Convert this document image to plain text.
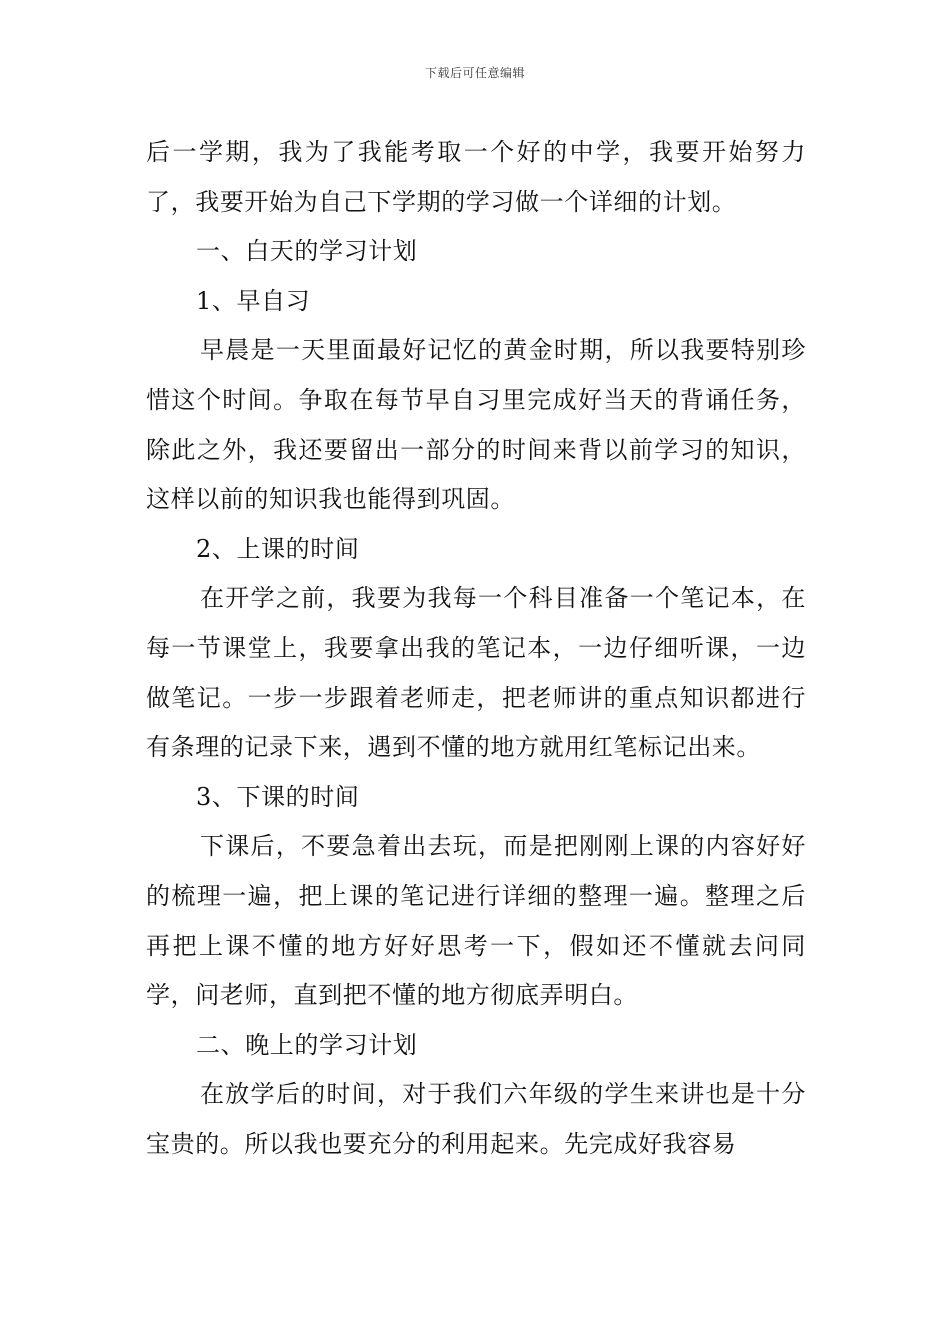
下载后可任意编辑

后一学期，我为了我能考取一个好的中学，我要开始努力了，我要开始为自己下学期的学习做一个详细的计划。

一、白天的学习计划

1、早自习

早晨是一天里面最好记忆的黄金时期，所以我要特别珍惜这个时间。争取在每节早自习里完成好当天的背诵任务，除此之外，我还要留出一部分的时间来背以前学习的知识，这样以前的知识我也能得到巩固。

2、上课的时间

在开学之前，我要为我每一个科目准备一个笔记本，在每一节课堂上，我要拿出我的笔记本，一边仔细听课，一边做笔记。一步一步跟着老师走，把老师讲的重点知识都进行有条理的记录下来，遇到不懂的地方就用红笔标记出来。

3、下课的时间

下课后，不要急着出去玩，而是把刚刚上课的内容好好的梳理一遍，把上课的笔记进行详细的整理一遍。整理之后再把上课不懂的地方好好思考一下，假如还不懂就去问同学，问老师，直到把不懂的地方彻底弄明白。

二、晚上的学习计划

在放学后的时间，对于我们六年级的学生来讲也是十分宝贵的。所以我也要充分的利用起来。先完成好我容易
